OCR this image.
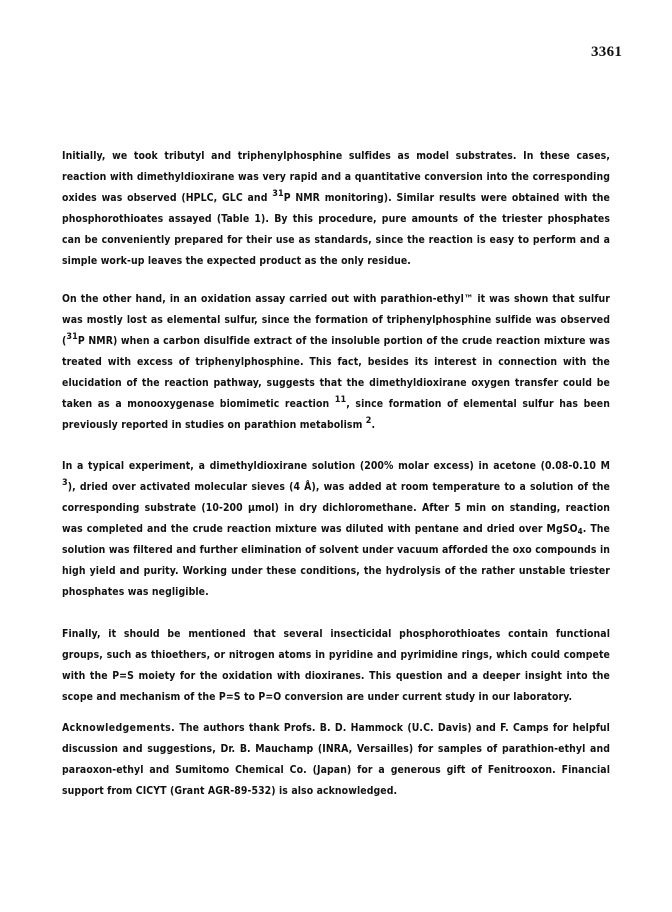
3361

Initially, we took tributyl and triphenylphosphine sulfides as model substrates. In these cases, reaction with dimethyldioxirane was very rapid and a quantitative conversion into the corresponding oxides was observed (HPLC, GLC and 31P NMR monitoring). Similar results were obtained with the phosphorothioates assayed (Table 1). By this procedure, pure amounts of the triester phosphates can be conveniently prepared for their use as standards, since the reaction is easy to perform and a simple work-up leaves the expected product as the only residue.

On the other hand, in an oxidation assay carried out with parathion-ethyl™ it was shown that sulfur was mostly lost as elemental sulfur, since the formation of triphenylphosphine sulfide was observed (31P NMR) when a carbon disulfide extract of the insoluble portion of the crude reaction mixture was treated with excess of triphenylphosphine. This fact, besides its interest in connection with the elucidation of the reaction pathway, suggests that the dimethyldioxirane oxygen transfer could be taken as a monooxygenase biomimetic reaction 11, since formation of elemental sulfur has been previously reported in studies on parathion metabolism 2.

In a typical experiment, a dimethyldioxirane solution (200% molar excess) in acetone (0.08-0.10 M 3), dried over activated molecular sieves (4 Å), was added at room temperature to a solution of the corresponding substrate (10-200 µmol) in dry dichloromethane. After 5 min on standing, reaction was completed and the crude reaction mixture was diluted with pentane and dried over MgSO$_4$. The solution was filtered and further elimination of solvent under vacuum afforded the oxo compounds in high yield and purity. Working under these conditions, the hydrolysis of the rather unstable triester phosphates was negligible.

Finally, it should be mentioned that several insecticidal phosphorothioates contain functional groups, such as thioethers, or nitrogen atoms in pyridine and pyrimidine rings, which could compete with the P=S moiety for the oxidation with dioxiranes. This question and a deeper insight into the scope and mechanism of the P=S to P=O conversion are under current study in our laboratory.

Acknowledgements. The authors thank Profs. B. D. Hammock (U.C. Davis) and F. Camps for helpful discussion and suggestions, Dr. B. Mauchamp (INRA, Versailles) for samples of parathion-ethyl and paraoxon-ethyl and Sumitomo Chemical Co. (Japan) for a generous gift of Fenitrooxon. Financial support from CICYT (Grant AGR-89-532) is also acknowledged.
